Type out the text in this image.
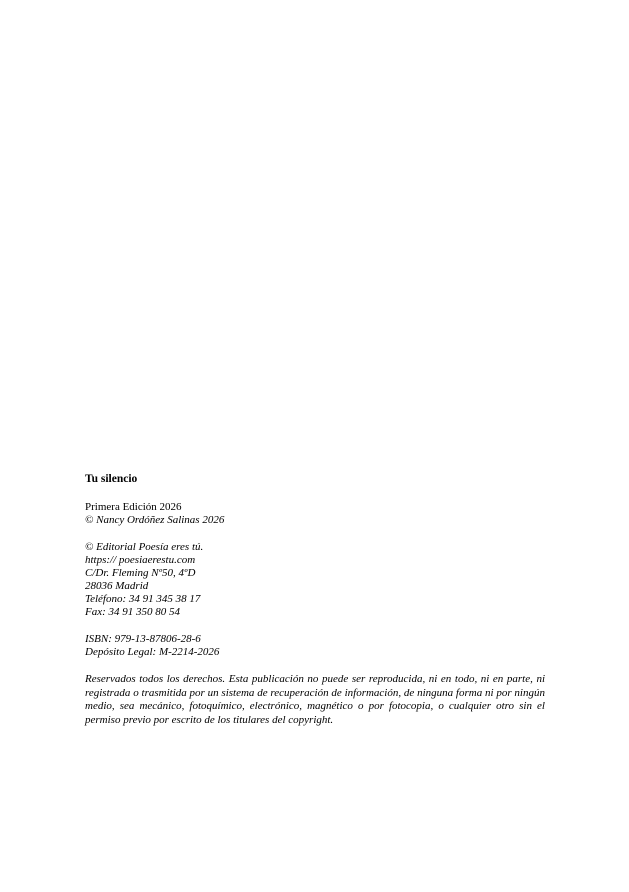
Tu silencio
Primera Edición 2026
© Nancy Ordóñez Salinas 2026
© Editorial Poesía eres tú.
https:// poesiaerestu.com
C/Dr. Fleming Nº50, 4ºD
28036 Madrid
Teléfono: 34 91 345 38 17
Fax: 34 91 350 80 54
ISBN: 979-13-87806-28-6
Depósito Legal: M-2214-2026

Reservados todos los derechos. Esta publicación no puede ser reproducida, ni en todo, ni en parte, ni registrada o trasmitida por un sistema de recuperación de información, de ninguna forma ni por ningún medio, sea mecánico, fotoquímico, electrónico, magnético o por fotocopia, o cualquier otro sin el permiso previo por escrito de los titulares del copyright.
